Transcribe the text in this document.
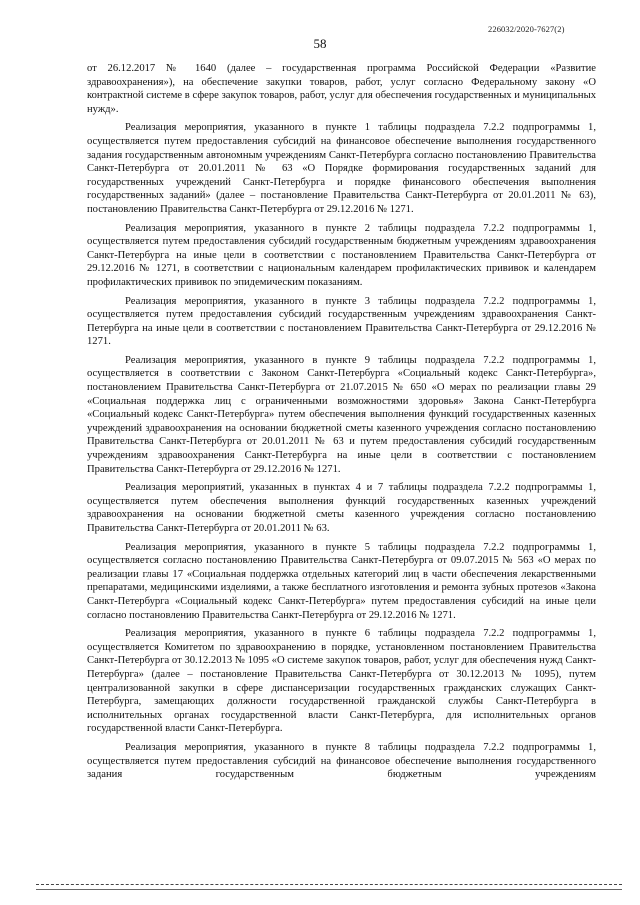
226032/2020-7627(2)
58

от 26.12.2017 № 1640 (далее – государственная программа Российской Федерации «Развитие здравоохранения»), на обеспечение закупки товаров, работ, услуг согласно Федеральному закону «О контрактной системе в сфере закупок товаров, работ, услуг для обеспечения государственных и муниципальных нужд».

Реализация мероприятия, указанного в пункте 1 таблицы подраздела 7.2.2 подпрограммы 1, осуществляется путем предоставления субсидий на финансовое обеспечение выполнения государственного задания государственным автономным учреждениям Санкт-Петербурга согласно постановлению Правительства Санкт-Петербурга от 20.01.2011 № 63 «О Порядке формирования государственных заданий для государственных учреждений Санкт-Петербурга и порядке финансового обеспечения выполнения государственных заданий» (далее – постановление Правительства Санкт-Петербурга от 20.01.2011 № 63), постановлению Правительства Санкт-Петербурга от 29.12.2016 № 1271.

Реализация мероприятия, указанного в пункте 2 таблицы подраздела 7.2.2 подпрограммы 1, осуществляется путем предоставления субсидий государственным бюджетным учреждениям здравоохранения Санкт-Петербурга на иные цели в соответствии с постановлением Правительства Санкт-Петербурга от 29.12.2016 № 1271, в соответствии с национальным календарем профилактических прививок и календарем профилактических прививок по эпидемическим показаниям.

Реализация мероприятия, указанного в пункте 3 таблицы подраздела 7.2.2 подпрограммы 1, осуществляется путем предоставления субсидий государственным учреждениям здравоохранения Санкт-Петербурга на иные цели в соответствии с постановлением Правительства Санкт-Петербурга от 29.12.2016 № 1271.

Реализация мероприятия, указанного в пункте 9 таблицы подраздела 7.2.2 подпрограммы 1, осуществляется в соответствии с Законом Санкт-Петербурга «Социальный кодекс Санкт-Петербурга», постановлением Правительства Санкт-Петербурга от 21.07.2015 № 650 «О мерах по реализации главы 29 «Социальная поддержка лиц с ограниченными возможностями здоровья» Закона Санкт-Петербурга «Социальный кодекс Санкт-Петербурга» путем обеспечения выполнения функций государственных казенных учреждений здравоохранения на основании бюджетной сметы казенного учреждения согласно постановлению Правительства Санкт-Петербурга от 20.01.2011 № 63 и путем предоставления субсидий государственным учреждениям здравоохранения Санкт-Петербурга на иные цели в соответствии с постановлением Правительства Санкт-Петербурга от 29.12.2016 № 1271.

Реализация мероприятий, указанных в пунктах 4 и 7 таблицы подраздела 7.2.2 подпрограммы 1, осуществляется путем обеспечения выполнения функций государственных казенных учреждений здравоохранения на основании бюджетной сметы казенного учреждения согласно постановлению Правительства Санкт-Петербурга от 20.01.2011 № 63.

Реализация мероприятия, указанного в пункте 5 таблицы подраздела 7.2.2 подпрограммы 1, осуществляется согласно постановлению Правительства Санкт-Петербурга от 09.07.2015 № 563 «О мерах по реализации главы 17 «Социальная поддержка отдельных категорий лиц в части обеспечения лекарственными препаратами, медицинскими изделиями, а также бесплатного изготовления и ремонта зубных протезов «Закона Санкт-Петербурга «Социальный кодекс Санкт-Петербурга» путем предоставления субсидий на иные цели согласно постановлению Правительства Санкт-Петербурга от 29.12.2016 № 1271.

Реализация мероприятия, указанного в пункте 6 таблицы подраздела 7.2.2 подпрограммы 1, осуществляется Комитетом по здравоохранению в порядке, установленном постановлением Правительства Санкт-Петербурга от 30.12.2013 № 1095 «О системе закупок товаров, работ, услуг для обеспечения нужд Санкт-Петербурга» (далее – постановление Правительства Санкт-Петербурга от 30.12.2013 № 1095), путем централизованной закупки в сфере диспансеризации государственных гражданских служащих Санкт-Петербурга, замещающих должности государственной гражданской службы Санкт-Петербурга в исполнительных органах государственной власти Санкт-Петербурга, для исполнительных органов государственной власти Санкт-Петербурга.

Реализация мероприятия, указанного в пункте 8 таблицы подраздела 7.2.2 подпрограммы 1, осуществляется путем предоставления субсидий на финансовое обеспечение выполнения государственного задания государственным бюджетным учреждениям
